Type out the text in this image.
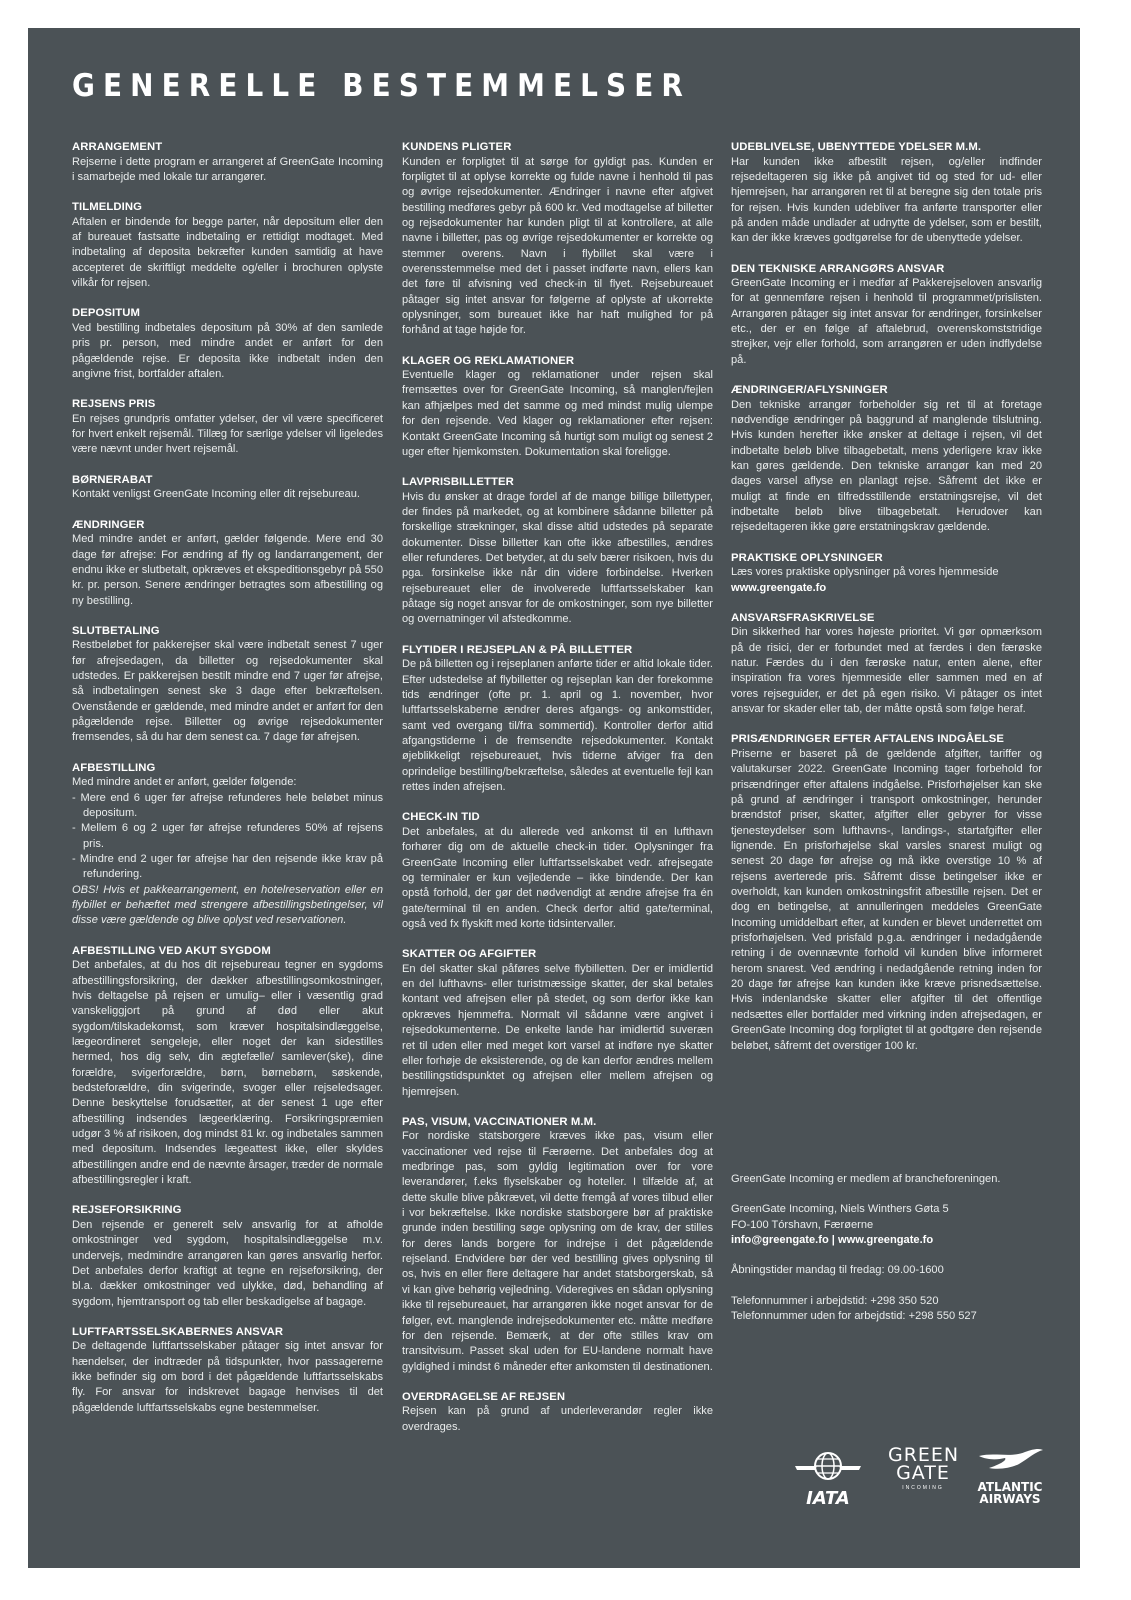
GENERELLE BESTEMMELSER
ARRANGEMENT

Rejserne i dette program er arrangeret af GreenGate Incoming i samarbejde med lokale tur arrangører.

TILMELDING

Aftalen er bindende for begge parter, når depositum eller den af bureauet fastsatte indbetaling er rettidigt modtaget. Med indbetaling af deposita bekræfter kunden samtidig at have accepteret de skriftligt meddelte og/eller i brochuren oplyste vilkår for rejsen.

DEPOSITUM

Ved bestilling indbetales depositum på 30% af den samlede pris pr. person, med mindre andet er anført for den pågældende rejse. Er deposita ikke indbetalt inden den angivne frist, bortfalder aftalen.

REJSENS PRIS

En rejses grundpris omfatter ydelser, der vil være specificeret for hvert enkelt rejsemål. Tillæg for særlige ydelser vil ligeledes være nævnt under hvert rejsemål.

BØRNERABAT

Kontakt venligst GreenGate Incoming eller dit rejsebureau.

ÆNDRINGER

Med mindre andet er anført, gælder følgende. Mere end 30 dage før afrejse: For ændring af fly og landarrangement, der endnu ikke er slutbetalt, opkræves et ekspeditionsgebyr på 550 kr. pr. person. Senere ændringer betragtes som afbestilling og ny bestilling.

SLUTBETALING

Restbeløbet for pakkerejser skal være indbetalt senest 7 uger før afrejsedagen, da billetter og rejsedokumenter skal udstedes. Er pakkerejsen bestilt mindre end 7 uger før afrejse, så indbetalingen senest ske 3 dage efter bekræftelsen. Ovenstående er gældende, med mindre andet er anført for den pågældende rejse. Billetter og øvrige rejsedokumenter fremsendes, så du har dem senest ca. 7 dage før afrejsen.

AFBESTILLING

Med mindre andet er anført, gælder følgende:

- Mere end 6 uger før afrejse refunderes hele beløbet minus depositum.
- Mellem 6 og 2 uger før afrejse refunderes 50% af rejsens pris.
- Mindre end 2 uger før afrejse har den rejsende ikke krav på refundering.

OBS! Hvis et pakkearrangement, en hotelreservation eller en flybillet er behæftet med strengere afbestillingsbetingelser, vil disse være gældende og blive oplyst ved reservationen.

AFBESTILLING VED AKUT SYGDOM

Det anbefales, at du hos dit rejsebureau tegner en sygdoms afbestillingsforsikring, der dækker afbestillingsomkostninger, hvis deltagelse på rejsen er umulig– eller i væsentlig grad vanskeliggjort på grund af død eller akut sygdom/tilskadekomst, som kræver hospitalsindlæggelse, lægeordineret sengeleje, eller noget der kan sidestilles hermed, hos dig selv, din ægtefælle/ samlever(ske), dine forældre, svigerforældre, børn, børnebørn, søskende, bedsteforældre, din svigerinde, svoger eller rejseledsager. Denne beskyttelse forudsætter, at der senest 1 uge efter afbestilling indsendes lægeerklæring. Forsikringspræmien udgør 3 % af risikoen, dog mindst 81 kr. og indbetales sammen med depositum. Indsendes lægeattest ikke, eller skyldes afbestillingen andre end de nævnte årsager, træder de normale afbestillingsregler i kraft.

REJSEFORSIKRING

Den rejsende er generelt selv ansvarlig for at afholde omkostninger ved sygdom, hospitalsindlæggelse m.v. undervejs, medmindre arrangøren kan gøres ansvarlig herfor. Det anbefales derfor kraftigt at tegne en rejseforsikring, der bl.a. dækker omkostninger ved ulykke, død, behandling af sygdom, hjemtransport og tab eller beskadigelse af bagage.

LUFTFARTSSELSKABERNES ANSVAR

De deltagende luftfartsselskaber påtager sig intet ansvar for hændelser, der indtræder på tidspunkter, hvor passagererne ikke befinder sig om bord i det pågældende luftfartsselskabs fly. For ansvar for indskrevet bagage henvises til det pågældende luftfartsselskabs egne bestemmelser.

KUNDENS PLIGTER

Kunden er forpligtet til at sørge for gyldigt pas. Kunden er forpligtet til at oplyse korrekte og fulde navne i henhold til pas og øvrige rejsedokumenter. Ændringer i navne efter afgivet bestilling medføres gebyr på 600 kr. Ved modtagelse af billetter og rejsedokumenter har kunden pligt til at kontrollere, at alle navne i billetter, pas og øvrige rejsedokumenter er korrekte og stemmer overens. Navn i flybillet skal være i overensstemmelse med det i passet indførte navn, ellers kan det føre til afvisning ved check-in til flyet. Rejsebureauet påtager sig intet ansvar for følgerne af oplyste af ukorrekte oplysninger, som bureauet ikke har haft mulighed for på forhånd at tage højde for.

KLAGER OG REKLAMATIONER

Eventuelle klager og reklamationer under rejsen skal fremsættes over for GreenGate Incoming, så manglen/fejlen kan afhjælpes med det samme og med mindst mulig ulempe for den rejsende. Ved klager og reklamationer efter rejsen: Kontakt GreenGate Incoming så hurtigt som muligt og senest 2 uger efter hjemkomsten. Dokumentation skal foreligge.

LAVPRISBILLETTER

Hvis du ønsker at drage fordel af de mange billige billettyper, der findes på markedet, og at kombinere sådanne billetter på forskellige strækninger, skal disse altid udstedes på separate dokumenter. Disse billetter kan ofte ikke afbestilles, ændres eller refunderes. Det betyder, at du selv bærer risikoen, hvis du pga. forsinkelse ikke når din videre forbindelse. Hverken rejsebureauet eller de involverede luftfartsselskaber kan påtage sig noget ansvar for de omkostninger, som nye billetter og overnatninger vil afstedkomme.

FLYTIDER I REJSEPLAN & PÅ BILLETTER

De på billetten og i rejseplanen anførte tider er altid lokale tider. Efter udstedelse af flybilletter og rejseplan kan der forekomme tids ændringer (ofte pr. 1. april og 1. november, hvor luftfartsselskaberne ændrer deres afgangs- og ankomsttider, samt ved overgang til/fra sommertid). Kontroller derfor altid afgangstiderne i de fremsendte rejsedokumenter. Kontakt øjeblikkeligt rejsebureauet, hvis tiderne afviger fra den oprindelige bestilling/bekræftelse, således at eventuelle fejl kan rettes inden afrejsen.

CHECK-IN TID

Det anbefales, at du allerede ved ankomst til en lufthavn forhører dig om de aktuelle check-in tider. Oplysninger fra GreenGate Incoming eller luftfartsselskabet vedr. afrejsegate og terminaler er kun vejledende – ikke bindende. Der kan opstå forhold, der gør det nødvendigt at ændre afrejse fra én gate/terminal til en anden. Check derfor altid gate/terminal, også ved fx flyskift med korte tidsintervaller.

SKATTER OG AFGIFTER

En del skatter skal påføres selve flybilletten. Der er imidlertid en del lufthavns- eller turistmæssige skatter, der skal betales kontant ved afrejsen eller på stedet, og som derfor ikke kan opkræves hjemmefra. Normalt vil sådanne være angivet i rejsedokumenterne. De enkelte lande har imidlertid suveræn ret til uden eller med meget kort varsel at indføre nye skatter eller forhøje de eksisterende, og de kan derfor ændres mellem bestillingstidspunktet og afrejsen eller mellem afrejsen og hjemrejsen.

PAS, VISUM, VACCINATIONER M.M.

For nordiske statsborgere kræves ikke pas, visum eller vaccinationer ved rejse til Færøerne. Det anbefales dog at medbringe pas, som gyldig legitimation over for vore leverandører, f.eks flyselskaber og hoteller. I tilfælde af, at dette skulle blive påkrævet, vil dette fremgå af vores tilbud eller i vor bekræftelse. Ikke nordiske statsborgere bør af praktiske grunde inden bestilling søge oplysning om de krav, der stilles for deres lands borgere for indrejse i det pågældende rejseland. Endvidere bør der ved bestilling gives oplysning til os, hvis en eller flere deltagere har andet statsborgerskab, så vi kan give behørig vejledning. Videregives en sådan oplysning ikke til rejsebureauet, har arrangøren ikke noget ansvar for de følger, evt. manglende indrejsedokumenter etc. måtte medføre for den rejsende. Bemærk, at der ofte stilles krav om transitvisum. Passet skal uden for EU-landene normalt have gyldighed i mindst 6 måneder efter ankomsten til destinationen.

OVERDRAGELSE AF REJSEN

Rejsen kan på grund af underleverandør regler ikke overdrages.

UDEBLIVELSE, UBENYTTEDE YDELSER M.M.

Har kunden ikke afbestilt rejsen, og/eller indfinder rejsedeltageren sig ikke på angivet tid og sted for ud- eller hjemrejsen, har arrangøren ret til at beregne sig den totale pris for rejsen. Hvis kunden udebliver fra anførte transporter eller på anden måde undlader at udnytte de ydelser, som er bestilt, kan der ikke kræves godtgørelse for de ubenyttede ydelser.

DEN TEKNISKE ARRANGØRS ANSVAR

GreenGate Incoming er i medfør af Pakkerejseloven ansvarlig for at gennemføre rejsen i henhold til programmet/prislisten. Arrangøren påtager sig intet ansvar for ændringer, forsinkelser etc., der er en følge af aftalebrud, overenskomststridige strejker, vejr eller forhold, som arrangøren er uden indflydelse på.

ÆNDRINGER/AFLYSNINGER

Den tekniske arrangør forbeholder sig ret til at foretage nødvendige ændringer på baggrund af manglende tilslutning. Hvis kunden herefter ikke ønsker at deltage i rejsen, vil det indbetalte beløb blive tilbagebetalt, mens yderligere krav ikke kan gøres gældende. Den tekniske arrangør kan med 20 dages varsel aflyse en planlagt rejse. Såfremt det ikke er muligt at finde en tilfredsstillende erstatningsrejse, vil det indbetalte beløb blive tilbagebetalt. Herudover kan rejsedeltageren ikke gøre erstatningskrav gældende.

PRAKTISKE OPLYSNINGER

Læs vores praktiske oplysninger på vores hjemmeside

www.greengate.fo

ANSVARSFRASKRIVELSE

Din sikkerhed har vores højeste prioritet. Vi gør opmærksom på de risici, der er forbundet med at færdes i den færøske natur. Færdes du i den færøske natur, enten alene, efter inspiration fra vores hjemmeside eller sammen med en af vores rejseguider, er det på egen risiko. Vi påtager os intet ansvar for skader eller tab, der måtte opstå som følge heraf.

PRISÆNDRINGER EFTER AFTALENS INDGÅELSE

Priserne er baseret på de gældende afgifter, tariffer og valutakurser 2022. GreenGate Incoming tager forbehold for prisændringer efter aftalens indgåelse. Prisforhøjelser kan ske på grund af ændringer i transport omkostninger, herunder brændstof priser, skatter, afgifter eller gebyrer for visse tjenesteydelser som lufthavns-, landings-, startafgifter eller lignende. En prisforhøjelse skal varsles snarest muligt og senest 20 dage før afrejse og må ikke overstige 10 % af rejsens averterede pris. Såfremt disse betingelser ikke er overholdt, kan kunden omkostningsfrit afbestille rejsen. Det er dog en betingelse, at annulleringen meddeles GreenGate Incoming umiddelbart efter, at kunden er blevet underrettet om prisforhøjelsen. Ved prisfald p.g.a. ændringer i nedadgående retning i de ovennævnte forhold vil kunden blive informeret herom snarest. Ved ændring i nedadgående retning inden for 20 dage før afrejse kan kunden ikke kræve prisnedsættelse. Hvis indenlandske skatter eller afgifter til det offentlige nedsættes eller bortfalder med virkning inden afrejsedagen, er GreenGate Incoming dog forpligtet til at godtgøre den rejsende beløbet, såfremt det overstiger 100 kr.

GreenGate Incoming er medlem af brancheforeningen.

GreenGate Incoming, Niels Winthers Gøta 5
FO-100 Tórshavn, Færøerne
info@greengate.fo | www.greengate.fo

Åbningstider mandag til fredag: 09.00-1600

Telefonnummer i arbejdstid: +298 350 520
Telefonnummer uden for arbejdstid: +298 550 527

IATA
GREEN
GATE
INCOMING	ATLANTIC
AIRWAYS
